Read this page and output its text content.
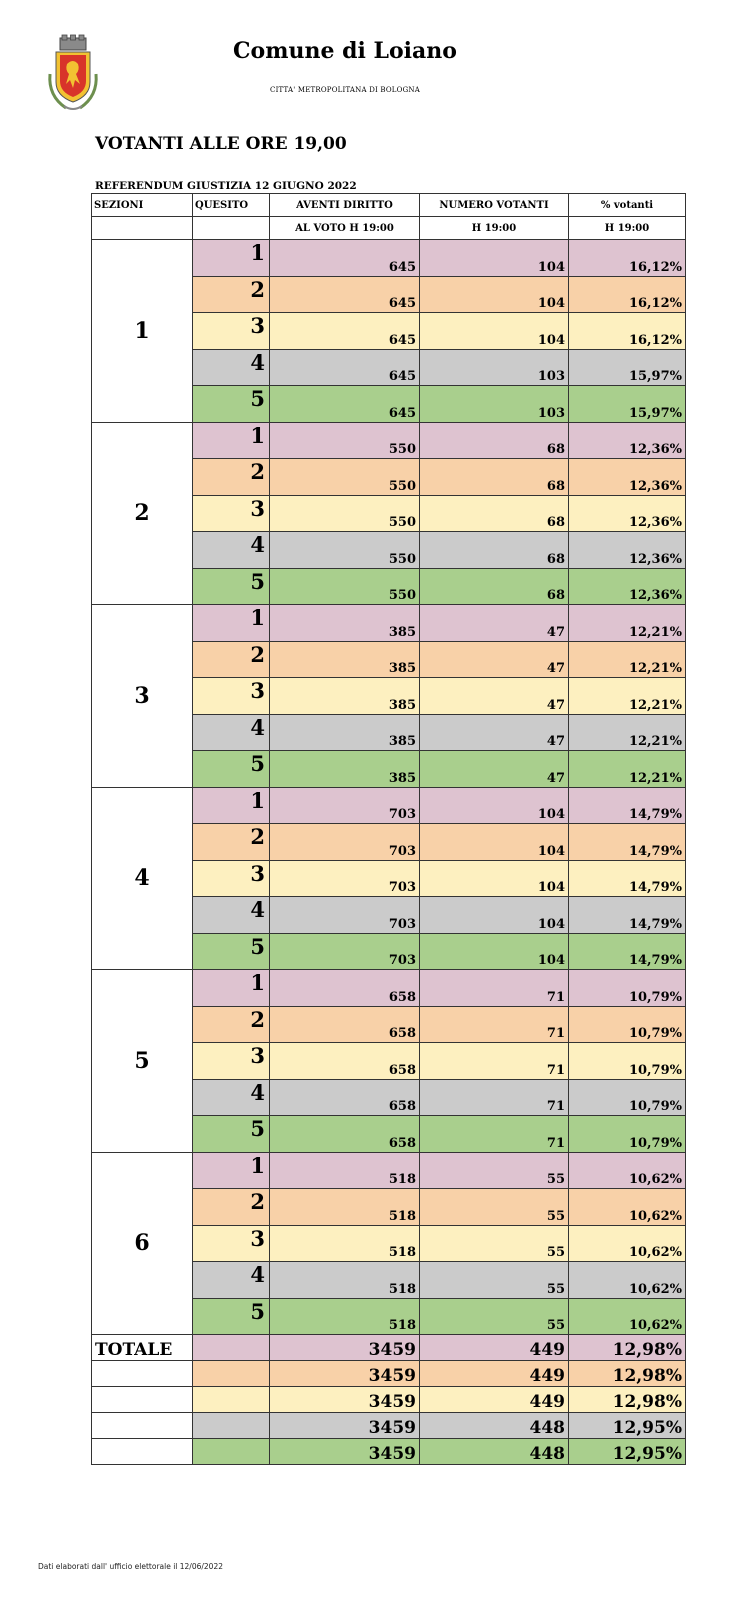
Comune di Loiano
CITTA' METROPOLITANA DI BOLOGNA
VOTANTI ALLE ORE 19,00
REFERENDUM GIUSTIZIA 12 GIUGNO 2022
SEZIONI	QUESITO	AVENTI DIRITTO	NUMERO VOTANTI	% votanti
		AL VOTO H 19:00	H 19:00	H 19:00
1	1	645	104	16,12%
	2	645	104	16,12%
	3	645	104	16,12%
	4	645	103	15,97%
	5	645	103	15,97%
2	1	550	68	12,36%
	2	550	68	12,36%
	3	550	68	12,36%
	4	550	68	12,36%
	5	550	68	12,36%
3	1	385	47	12,21%
	2	385	47	12,21%
	3	385	47	12,21%
	4	385	47	12,21%
	5	385	47	12,21%
4	1	703	104	14,79%
	2	703	104	14,79%
	3	703	104	14,79%
	4	703	104	14,79%
	5	703	104	14,79%
5	1	658	71	10,79%
	2	658	71	10,79%
	3	658	71	10,79%
	4	658	71	10,79%
	5	658	71	10,79%
6	1	518	55	10,62%
	2	518	55	10,62%
	3	518	55	10,62%
	4	518	55	10,62%
	5	518	55	10,62%
TOTALE		3459	449	12,98%
		3459	449	12,98%
		3459	449	12,98%
		3459	448	12,95%
		3459	448	12,95%
Dati elaborati dall' ufficio elettorale il 12/06/2022
